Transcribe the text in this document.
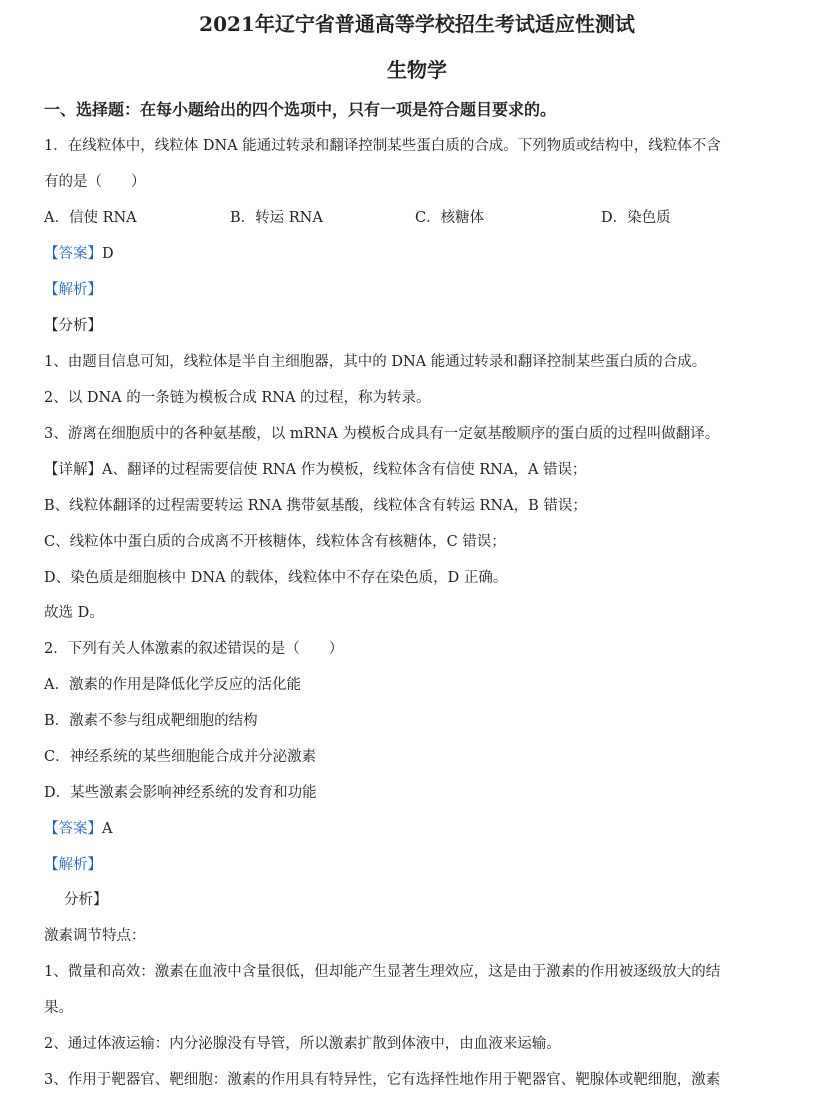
2021年辽宁省普通高等学校招生考试适应性测试
生物学
一、选择题：在每小题给出的四个选项中，只有一项是符合题目要求的。
1．在线粒体中，线粒体 DNA 能通过转录和翻译控制某些蛋白质的合成。下列物质或结构中，线粒体不含
有的是（　　）
A．信使 RNA	B．转运 RNA	C．核糖体	D．染色质
【答案】D
【解析】
【分析】
1、由题目信息可知，线粒体是半自主细胞器，其中的 DNA 能通过转录和翻译控制某些蛋白质的合成。
2、以 DNA 的一条链为模板合成 RNA 的过程，称为转录。
3、游离在细胞质中的各种氨基酸，以 mRNA 为模板合成具有一定氨基酸顺序的蛋白质的过程叫做翻译。
【详解】A、翻译的过程需要信使 RNA 作为模板，线粒体含有信使 RNA，A 错误；
B、线粒体翻译的过程需要转运 RNA 携带氨基酸，线粒体含有转运 RNA，B 错误；
C、线粒体中蛋白质的合成离不开核糖体，线粒体含有核糖体，C 错误；
D、染色质是细胞核中 DNA 的载体，线粒体中不存在染色质，D 正确。
故选 D。
2．下列有关人体激素的叙述错误的是（　　）
A．激素的作用是降低化学反应的活化能
B．激素不参与组成靶细胞的结构
C．神经系统的某些细胞能合成并分泌激素
D．某些激素会影响神经系统的发育和功能
【答案】A
【解析】
分析】
激素调节特点：
1、微量和高效：激素在血液中含量很低，但却能产生显著生理效应，这是由于激素的作用被逐级放大的结
果。
2、通过体液运输：内分泌腺没有导管，所以激素扩散到体液中，由血液来运输。
3、作用于靶器官、靶细胞：激素的作用具有特异性，它有选择性地作用于靶器官、靶腺体或靶细胞，激素
